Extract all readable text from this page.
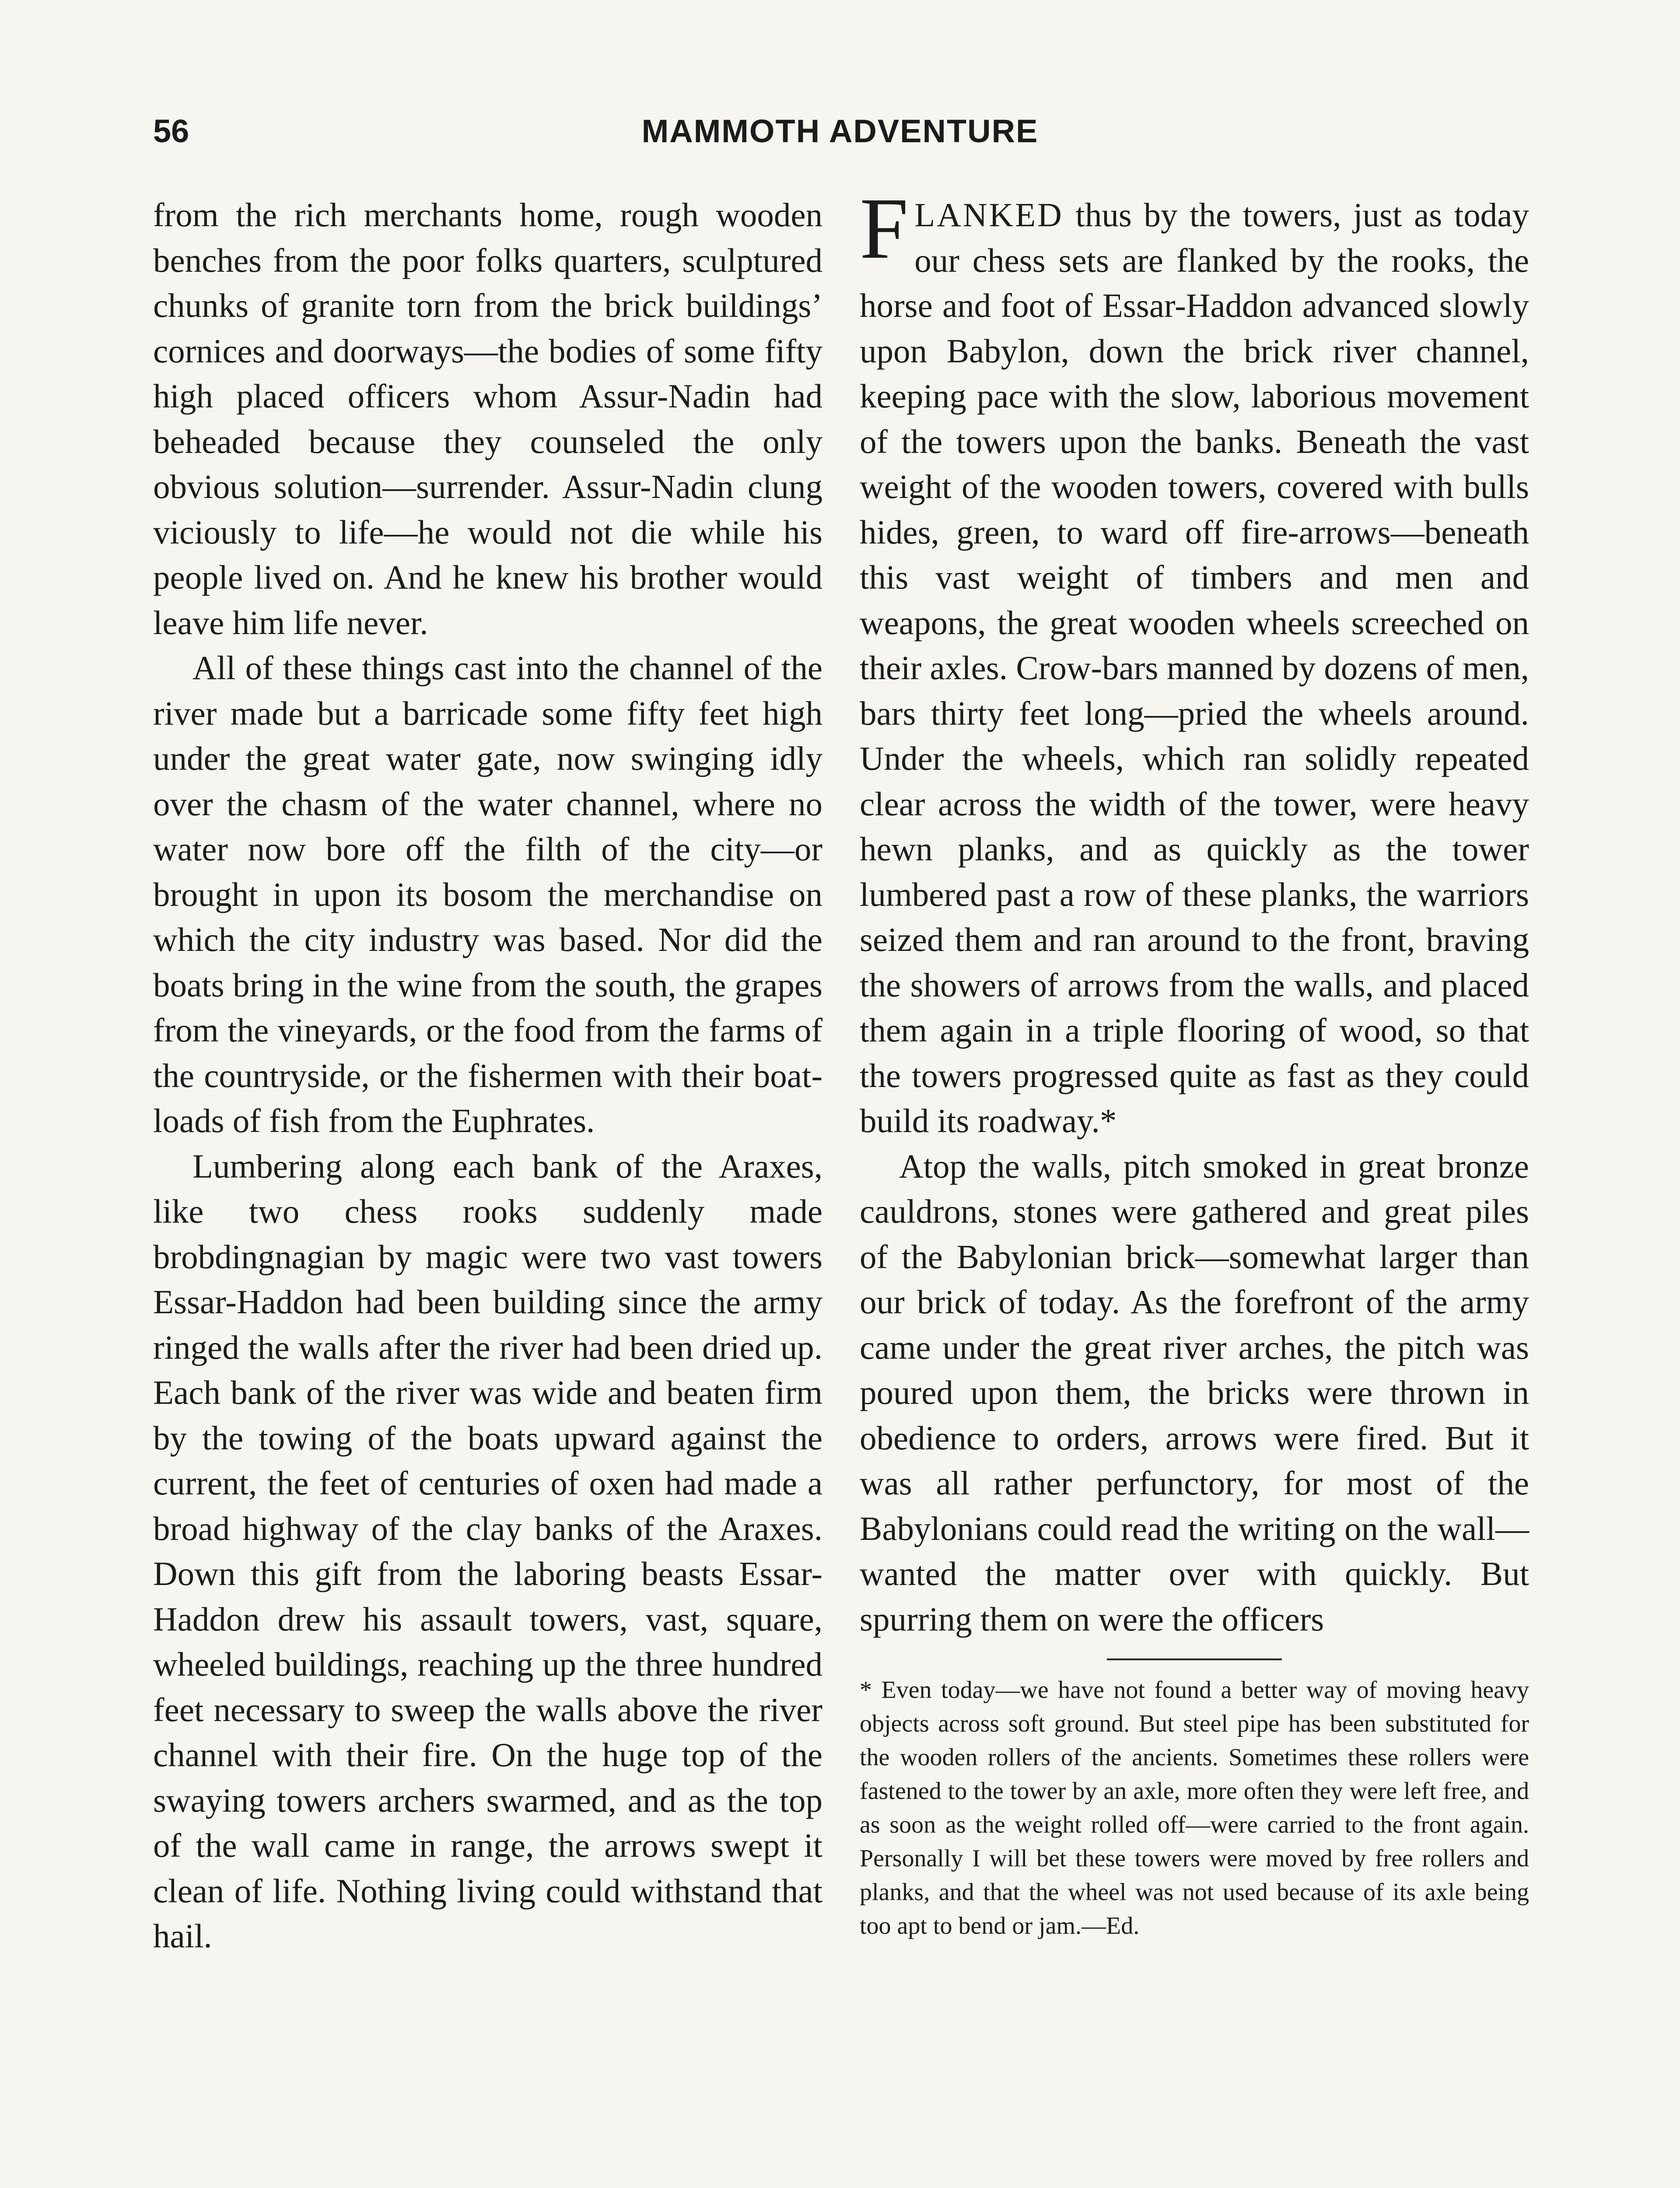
56	MAMMOTH ADVENTURE

from the rich merchants home, rough wooden benches from the poor folks quarters, sculptured chunks of granite torn from the brick buildings’ cornices and doorways—the bodies of some fifty high placed officers whom Assur-Nadin had beheaded because they counseled the only obvious solution—surrender. Assur-Nadin clung viciously to life—he would not die while his people lived on. And he knew his brother would leave him life never.

All of these things cast into the channel of the river made but a barricade some fifty feet high under the great water gate, now swinging idly over the chasm of the water channel, where no water now bore off the filth of the city—or brought in upon its bosom the merchandise on which the city industry was based. Nor did the boats bring in the wine from the south, the grapes from the vineyards, or the food from the farms of the countryside, or the fishermen with their boat-loads of fish from the Euphrates.

Lumbering along each bank of the Araxes, like two chess rooks suddenly made brobdingnagian by magic were two vast towers Essar-Haddon had been building since the army ringed the walls after the river had been dried up. Each bank of the river was wide and beaten firm by the towing of the boats upward against the current, the feet of centuries of oxen had made a broad highway of the clay banks of the Araxes. Down this gift from the laboring beasts Essar-Haddon drew his assault towers, vast, square, wheeled buildings, reaching up the three hundred feet necessary to sweep the walls above the river channel with their fire. On the huge top of the swaying towers archers swarmed, and as the top of the wall came in range, the arrows swept it clean of life. Nothing living could withstand that hail.

FLANKED thus by the towers, just as today our chess sets are flanked by the rooks, the horse and foot of Essar-Haddon advanced slowly upon Babylon, down the brick river channel, keeping pace with the slow, laborious movement of the towers upon the banks. Beneath the vast weight of the wooden towers, covered with bulls hides, green, to ward off fire-arrows—beneath this vast weight of timbers and men and weapons, the great wooden wheels screeched on their axles. Crow-bars manned by dozens of men, bars thirty feet long—pried the wheels around. Under the wheels, which ran solidly repeated clear across the width of the tower, were heavy hewn planks, and as quickly as the tower lumbered past a row of these planks, the warriors seized them and ran around to the front, braving the showers of arrows from the walls, and placed them again in a triple flooring of wood, so that the towers progressed quite as fast as they could build its roadway.*

Atop the walls, pitch smoked in great bronze cauldrons, stones were gathered and great piles of the Babylonian brick—somewhat larger than our brick of today. As the forefront of the army came under the great river arches, the pitch was poured upon them, the bricks were thrown in obedience to orders, arrows were fired. But it was all rather perfunctory, for most of the Babylonians could read the writing on the wall—wanted the matter over with quickly. But spurring them on were the officers

* Even today—we have not found a better way of moving heavy objects across soft ground. But steel pipe has been substituted for the wooden rollers of the ancients. Sometimes these rollers were fastened to the tower by an axle, more often they were left free, and as soon as the weight rolled off—were carried to the front again. Personally I will bet these towers were moved by free rollers and planks, and that the wheel was not used because of its axle being too apt to bend or jam.—Ed.
